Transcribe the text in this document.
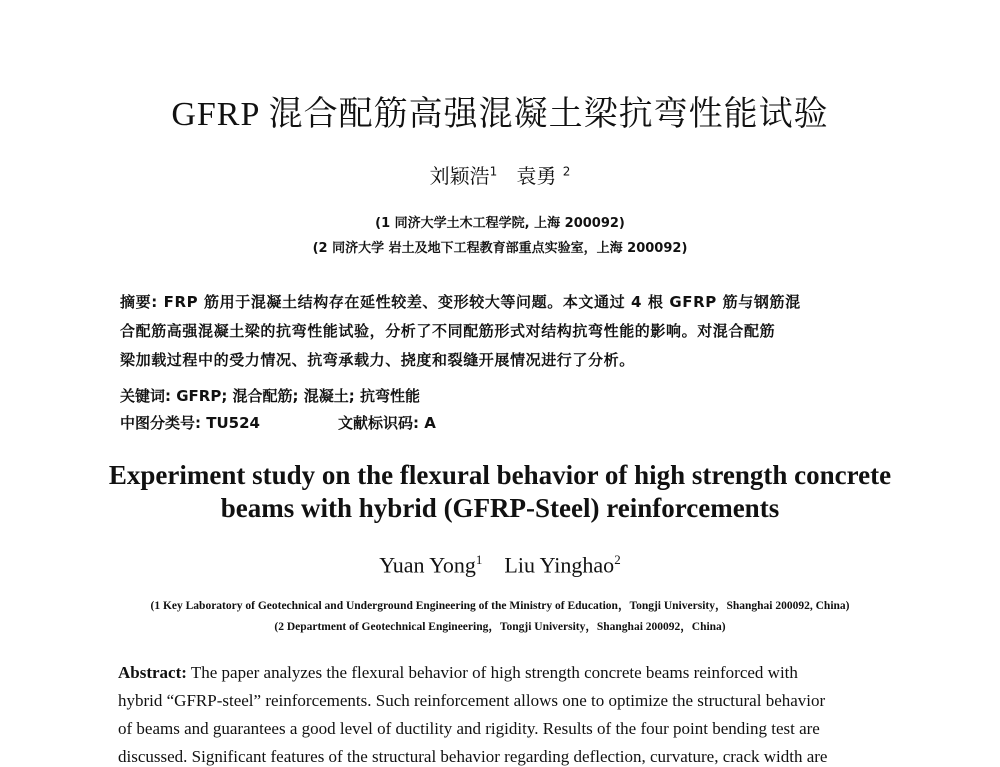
GFRP 混合配筋高强混凝土梁抗弯性能试验
刘颖浩$^1$ 袁勇 $^2$
(1 同济大学土木工程学院, 上海 200092)
(2 同济大学 岩土及地下工程教育部重点实验室，上海 200092)
摘要: FRP 筋用于混凝土结构存在延性较差、变形较大等问题。本文通过 4 根 GFRP 筋与钢筋混
合配筋高强混凝土梁的抗弯性能试验，分析了不同配筋形式对结构抗弯性能的影响。对混合配筋
梁加载过程中的受力情况、抗弯承载力、挠度和裂缝开展情况进行了分析。
关键词: GFRP; 混合配筋; 混凝土; 抗弯性能
中图分类号: TU524	文献标识码: A
Experiment study on the flexural behavior of high strength concrete
beams with hybrid (GFRP-Steel) reinforcements
Yuan Yong$^1$ Liu Yinghao$^2$
(1 Key Laboratory of Geotechnical and Underground Engineering of the Ministry of Education，Tongji University，Shanghai 200092, China)
(2 Department of Geotechnical Engineering，Tongji University，Shanghai 200092，China)
Abstract: The paper analyzes the flexural behavior of high strength concrete beams reinforced with
hybrid “GFRP-steel” reinforcements. Such reinforcement allows one to optimize the structural behavior
of beams and guarantees a good level of ductility and rigidity. Results of the four point bending test are
discussed. Significant features of the structural behavior regarding deflection, curvature, crack width are
